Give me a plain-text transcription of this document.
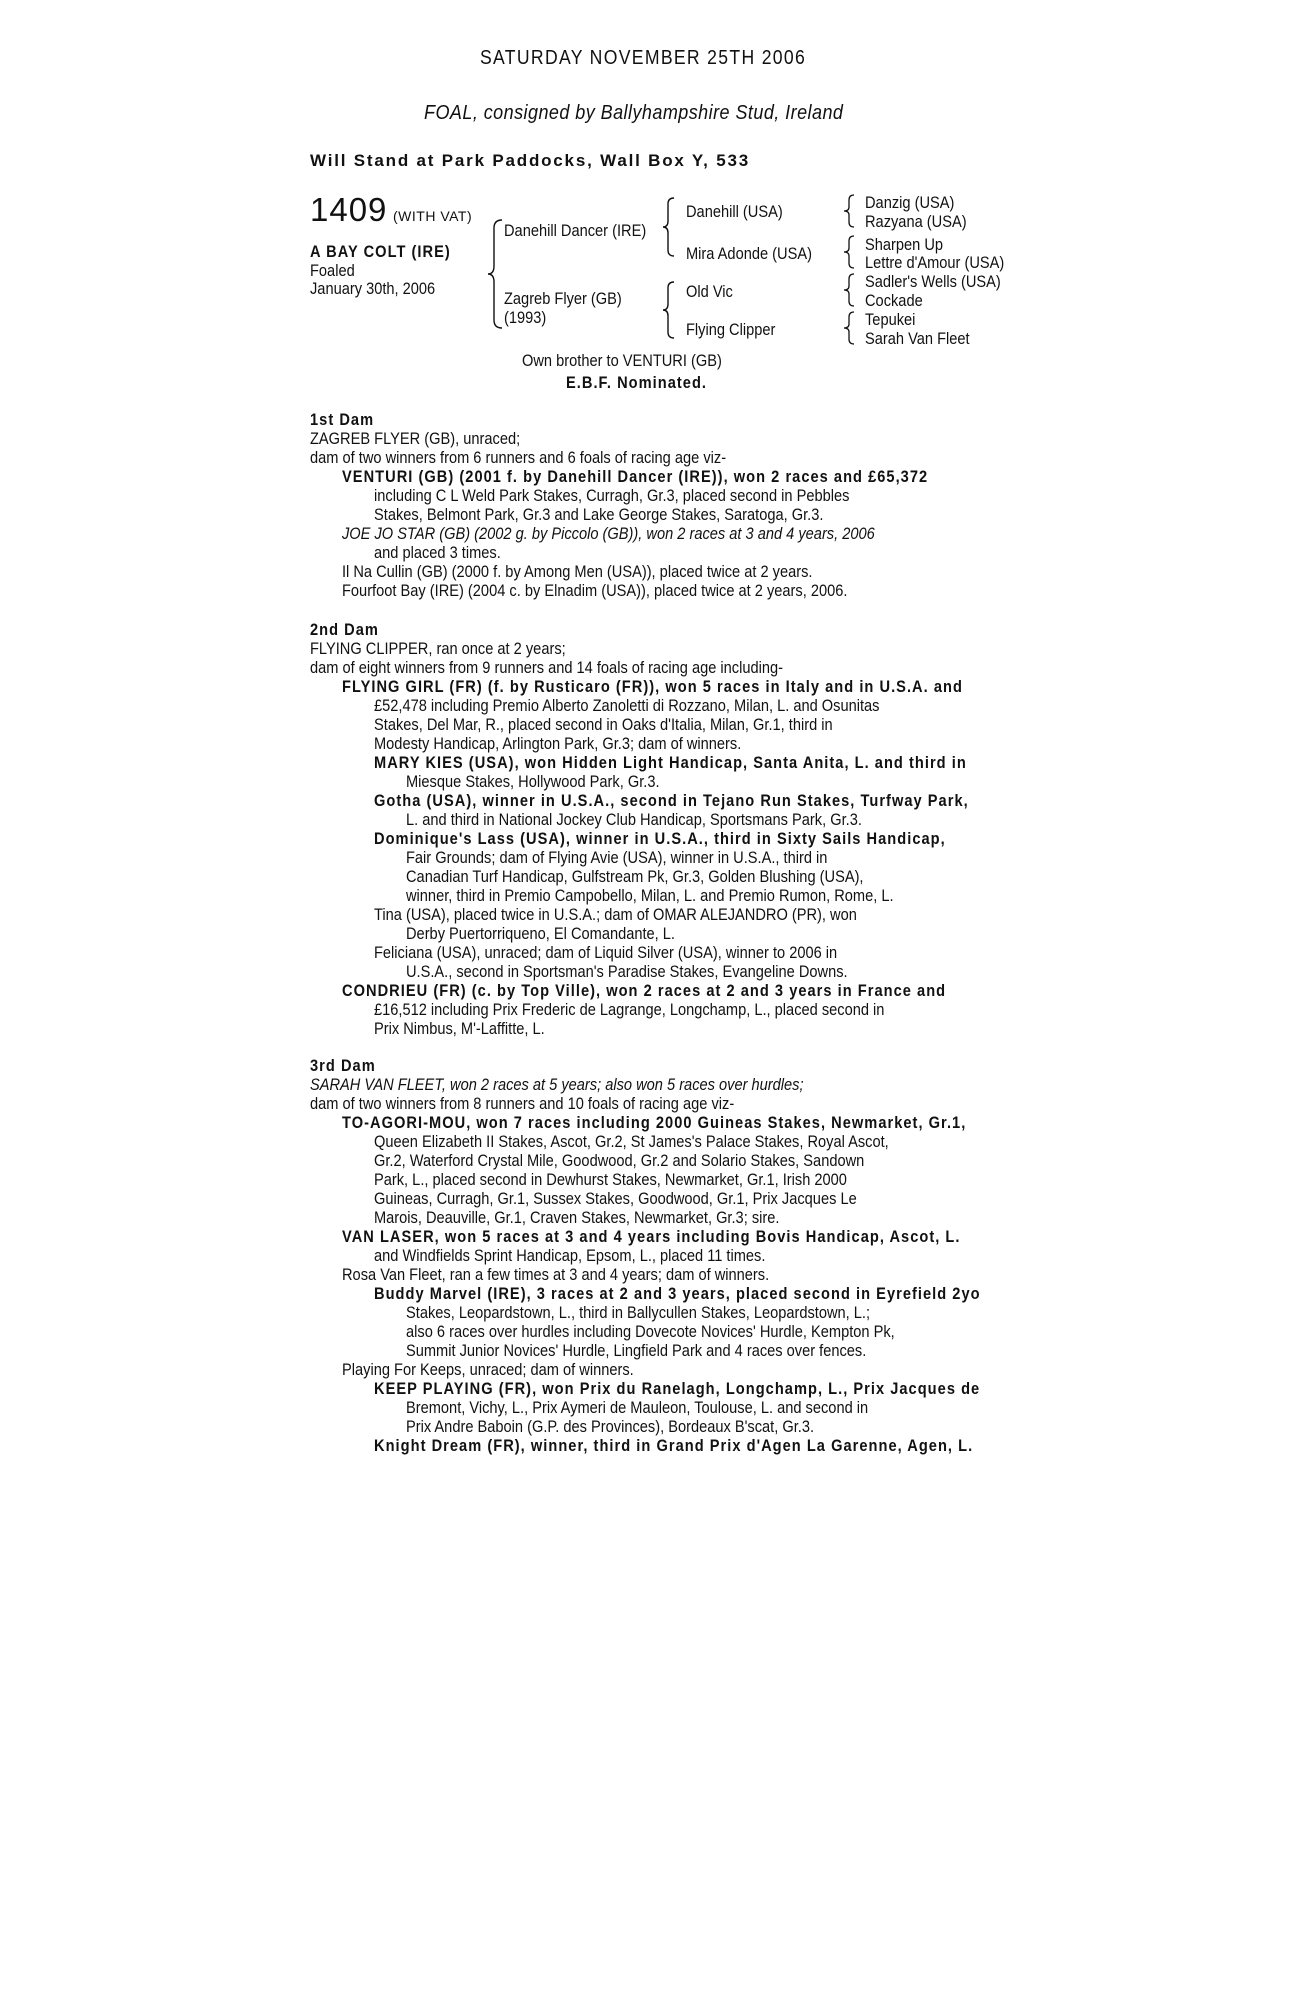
SATURDAY NOVEMBER 25TH 2006
FOAL, consigned by Ballyhampshire Stud, Ireland
Will Stand at Park Paddocks, Wall Box Y, 533
1409 (WITH VAT)
A BAY COLT (IRE)
Foaled
January 30th, 2006
Danehill Dancer (IRE)
Zagreb Flyer (GB)
(1993)
Danehill (USA)
Mira Adonde (USA)
Old Vic
Flying Clipper
Danzig (USA)
Razyana (USA)
Sharpen Up
Lettre d'Amour (USA)
Sadler's Wells (USA)
Cockade
Tepukei
Sarah Van Fleet
Own brother to VENTURI (GB)
E.B.F. Nominated.
1st Dam
ZAGREB FLYER (GB), unraced;
dam of two winners from 6 runners and 6 foals of racing age viz-
VENTURI (GB) (2001 f. by Danehill Dancer (IRE)), won 2 races and £65,372
including C L Weld Park Stakes, Curragh, Gr.3, placed second in Pebbles
Stakes, Belmont Park, Gr.3 and Lake George Stakes, Saratoga, Gr.3.
JOE JO STAR (GB) (2002 g. by Piccolo (GB)), won 2 races at 3 and 4 years, 2006
and placed 3 times.
Il Na Cullin (GB) (2000 f. by Among Men (USA)), placed twice at 2 years.
Fourfoot Bay (IRE) (2004 c. by Elnadim (USA)), placed twice at 2 years, 2006.
2nd Dam
FLYING CLIPPER, ran once at 2 years;
dam of eight winners from 9 runners and 14 foals of racing age including-
FLYING GIRL (FR) (f. by Rusticaro (FR)), won 5 races in Italy and in U.S.A. and
£52,478 including Premio Alberto Zanoletti di Rozzano, Milan, L. and Osunitas
Stakes, Del Mar, R., placed second in Oaks d'Italia, Milan, Gr.1, third in
Modesty Handicap, Arlington Park, Gr.3; dam of winners.
MARY KIES (USA), won Hidden Light Handicap, Santa Anita, L. and third in
Miesque Stakes, Hollywood Park, Gr.3.
Gotha (USA), winner in U.S.A., second in Tejano Run Stakes, Turfway Park,
L. and third in National Jockey Club Handicap, Sportsmans Park, Gr.3.
Dominique's Lass (USA), winner in U.S.A., third in Sixty Sails Handicap,
Fair Grounds; dam of Flying Avie (USA), winner in U.S.A., third in
Canadian Turf Handicap, Gulfstream Pk, Gr.3, Golden Blushing (USA),
winner, third in Premio Campobello, Milan, L. and Premio Rumon, Rome, L.
Tina (USA), placed twice in U.S.A.; dam of OMAR ALEJANDRO (PR), won
Derby Puertorriqueno, El Comandante, L.
Feliciana (USA), unraced; dam of Liquid Silver (USA), winner to 2006 in
U.S.A., second in Sportsman's Paradise Stakes, Evangeline Downs.
CONDRIEU (FR) (c. by Top Ville), won 2 races at 2 and 3 years in France and
£16,512 including Prix Frederic de Lagrange, Longchamp, L., placed second in
Prix Nimbus, M'-Laffitte, L.
3rd Dam
SARAH VAN FLEET, won 2 races at 5 years; also won 5 races over hurdles;
dam of two winners from 8 runners and 10 foals of racing age viz-
TO-AGORI-MOU, won 7 races including 2000 Guineas Stakes, Newmarket, Gr.1,
Queen Elizabeth II Stakes, Ascot, Gr.2, St James's Palace Stakes, Royal Ascot,
Gr.2, Waterford Crystal Mile, Goodwood, Gr.2 and Solario Stakes, Sandown
Park, L., placed second in Dewhurst Stakes, Newmarket, Gr.1, Irish 2000
Guineas, Curragh, Gr.1, Sussex Stakes, Goodwood, Gr.1, Prix Jacques Le
Marois, Deauville, Gr.1, Craven Stakes, Newmarket, Gr.3; sire.
VAN LASER, won 5 races at 3 and 4 years including Bovis Handicap, Ascot, L.
and Windfields Sprint Handicap, Epsom, L., placed 11 times.
Rosa Van Fleet, ran a few times at 3 and 4 years; dam of winners.
Buddy Marvel (IRE), 3 races at 2 and 3 years, placed second in Eyrefield 2yo
Stakes, Leopardstown, L., third in Ballycullen Stakes, Leopardstown, L.;
also 6 races over hurdles including Dovecote Novices' Hurdle, Kempton Pk,
Summit Junior Novices' Hurdle, Lingfield Park and 4 races over fences.
Playing For Keeps, unraced; dam of winners.
KEEP PLAYING (FR), won Prix du Ranelagh, Longchamp, L., Prix Jacques de
Bremont, Vichy, L., Prix Aymeri de Mauleon, Toulouse, L. and second in
Prix Andre Baboin (G.P. des Provinces), Bordeaux B'scat, Gr.3.
Knight Dream (FR), winner, third in Grand Prix d'Agen La Garenne, Agen, L.
